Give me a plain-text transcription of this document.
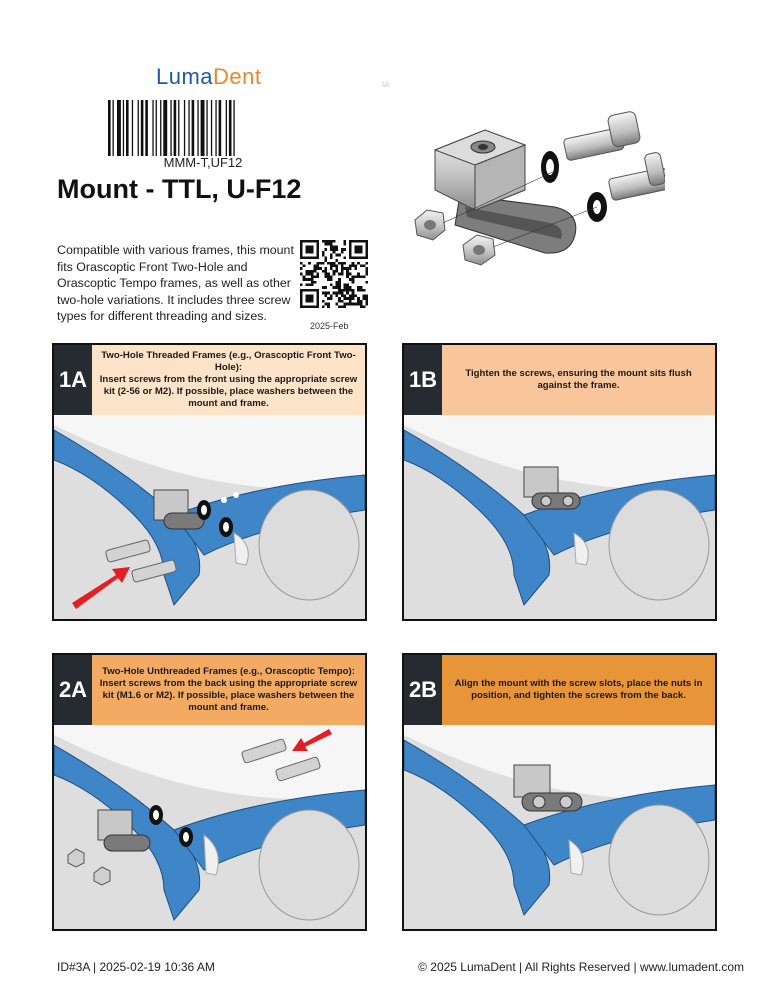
LumaDent	3A
MMM-T,UF12
Mount - TTL, U-F12
Compatible with various frames, this mount fits Orascoptic Front Two-Hole and Orascoptic Tempo frames, as well as other two-hole variations. It includes three screw types for different threading and sizes.
2025-Feb
1A
Two-Hole Threaded Frames (e.g., Orascoptic Front Two-Hole):
Insert screws from the front using the appropriate screw kit (2-56 or M2). If possible, place washers between the mount and frame.
1B	Tighten the screws, ensuring the mount sits flush against the frame.
2A
Two-Hole Unthreaded Frames (e.g., Orascoptic Tempo):
Insert screws from the back using the appropriate screw kit (M1.6 or M2). If possible, place washers between the mount and frame.
2B	Align the mount with the screw slots, place the nuts in position, and tighten the screws from the back.
ID#3A | 2025-02-19 10:36 AM	© 2025 LumaDent | All Rights Reserved | www.lumadent.com
